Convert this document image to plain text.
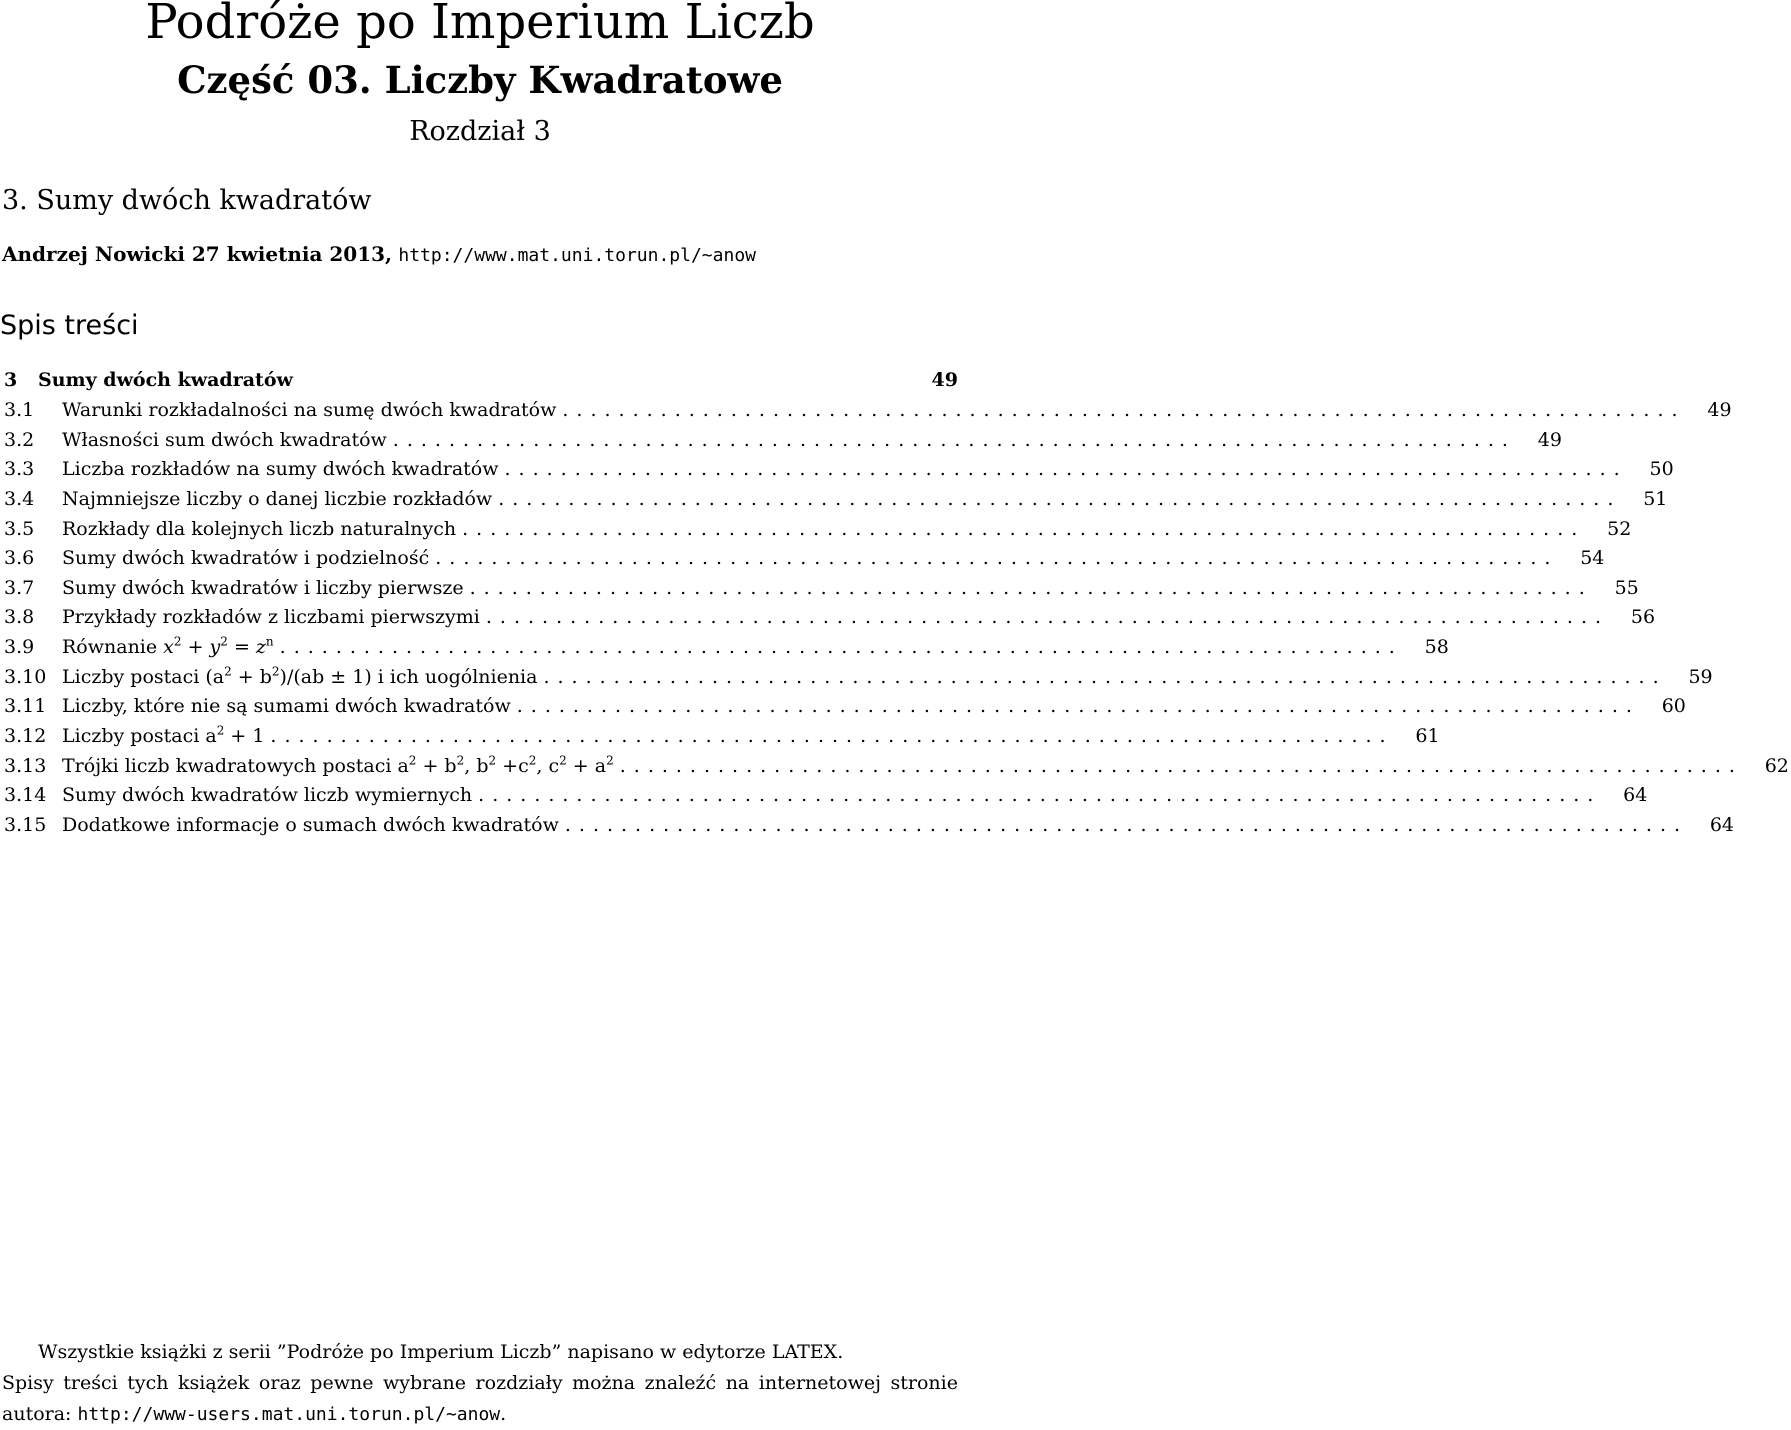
Podróże po Imperium Liczb
Część 03. Liczby Kwadratowe
Rozdział 3
3. Sumy dwóch kwadratów
Andrzej Nowicki 27 kwietnia 2013, http://www.mat.uni.torun.pl/~anow
Spis treści
3	Sumy dwóch kwadratów	49
3.1	Warunki rozkładalności na sumę dwóch kwadratów ................................................................................	49
3.2	Własności sum dwóch kwadratów ................................................................................	49
3.3	Liczba rozkładów na sumy dwóch kwadratów ................................................................................	50
3.4	Najmniejsze liczby o danej liczbie rozkładów ................................................................................	51
3.5	Rozkłady dla kolejnych liczb naturalnych ................................................................................	52
3.6	Sumy dwóch kwadratów i podzielność ................................................................................	54
3.7	Sumy dwóch kwadratów i liczby pierwsze ................................................................................	55
3.8	Przykłady rozkładów z liczbami pierwszymi ................................................................................	56
3.9	Równanie $x^2 + y^2 = z^n$ ................................................................................	58
3.10 Liczby postaci $(a^2 + b^2)/(ab \pm 1)$ i ich uogólnienia ................................................................................	59
3.11 Liczby, które nie są sumami dwóch kwadratów ................................................................................	60
3.12 Liczby postaci $a^2 + 1$ ................................................................................	61
3.13 Trójki liczb kwadratowych postaci $a^2 + b^2$, $b^2 +c^2$, $c^2 + a^2$ ................................................................................	62
3.14 Sumy dwóch kwadratów liczb wymiernych ................................................................................	64
3.15 Dodatkowe informacje o sumach dwóch kwadratów ................................................................................	64
Wszystkie książki z serii ”Podróże po Imperium Liczb” napisano w edytorze LATEX.
Spisy treści tych książek oraz pewne wybrane rozdziały można znaleźć na internetowej stronie
autora: http://www-users.mat.uni.torun.pl/~anow.
